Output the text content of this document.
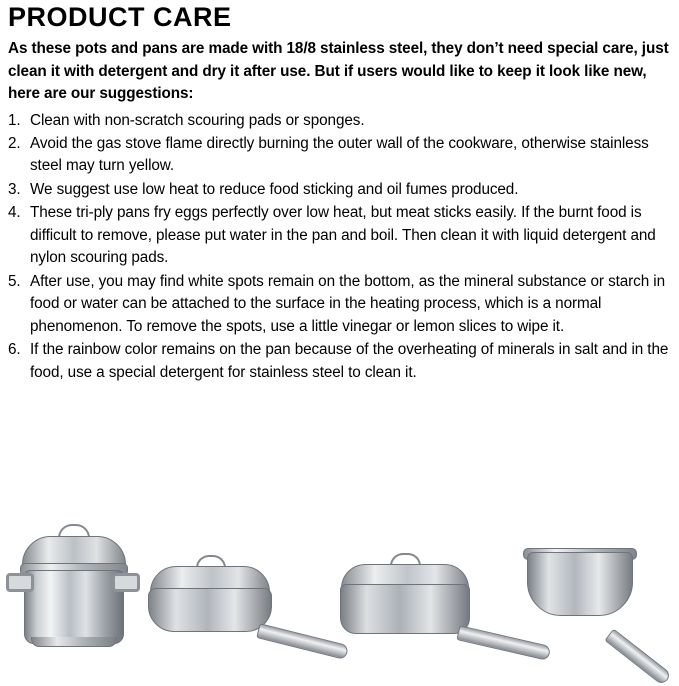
PRODUCT CARE

As these pots and pans are made with 18/8 stainless steel, they don’t need special care, just clean it with detergent and dry it after use. But if users would like to keep it look like new, here are our suggestions:

1. Clean with non-scratch scouring pads or sponges.
2. Avoid the gas stove flame directly burning the outer wall of the cookware, otherwise stainless steel may turn yellow.
3. We suggest use low heat to reduce food sticking and oil fumes produced.
4. These tri-ply pans fry eggs perfectly over low heat, but meat sticks easily. If the burnt food is difficult to remove, please put water in the pan and boil. Then clean it with liquid detergent and nylon scouring pads.
5. After use, you may find white spots remain on the bottom, as the mineral substance or starch in food or water can be attached to the surface in the heating process, which is a normal phenomenon. To remove the spots, use a little vinegar or lemon slices to wipe it.
6. If the rainbow color remains on the pan because of the overheating of minerals in salt and in the food, use a special detergent for stainless steel to clean it.
